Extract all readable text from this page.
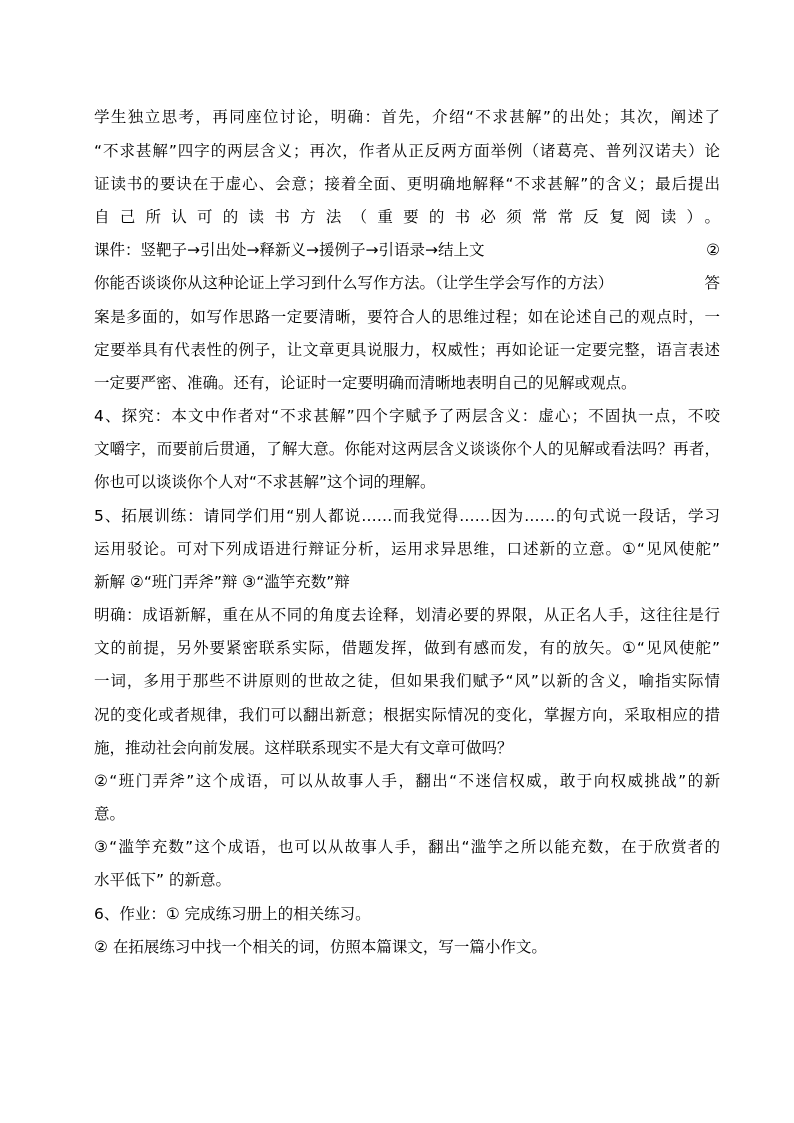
学生独立思考，再同座位讨论，明确：首先，介绍“不求甚解”的出处；其次，阐述了
“不求甚解”四字的两层含义；再次，作者从正反两方面举例（诸葛亮、普列汉诺夫）论
证读书的要诀在于虚心、会意；接着全面、更明确地解释“不求甚解”的含义；最后提出
自己所认可的读书方法（重要的书必须常常反复阅读）。
课件：竖靶子→引出处→释新义→援例子→引语录→结上文	②
你能否谈谈你从这种论证上学习到什么写作方法。（让学生学会写作的方法）	答
案是多面的，如写作思路一定要清晰，要符合人的思维过程；如在论述自己的观点时，一
定要举具有代表性的例子，让文章更具说服力，权威性；再如论证一定要完整，语言表述
一定要严密、准确。还有，论证时一定要明确而清晰地表明自己的见解或观点。
4、探究：本文中作者对“不求甚解”四个字赋予了两层含义：虚心；不固执一点，不咬
文嚼字，而要前后贯通，了解大意。你能对这两层含义谈谈你个人的见解或看法吗？再者，
你也可以谈谈你个人对“不求甚解”这个词的理解。
5、拓展训练：请同学们用“别人都说……而我觉得……因为……的句式说一段话，学习
运用驳论。可对下列成语进行辩证分析，运用求异思维，口述新的立意。①“见风使舵”
新解 ②“班门弄斧”辩 ③“滥竽充数”辩
明确：成语新解，重在从不同的角度去诠释，划清必要的界限，从正名人手，这往往是行
文的前提，另外要紧密联系实际，借题发挥，做到有感而发，有的放矢。①“见风使舵”
一词，多用于那些不讲原则的世故之徒，但如果我们赋予“风”以新的含义，喻指实际情
况的变化或者规律，我们可以翻出新意；根据实际情况的变化，掌握方向，采取相应的措
施，推动社会向前发展。这样联系现实不是大有文章可做吗？
②“班门弄斧”这个成语，可以从故事人手，翻出“不迷信权威，敢于向权威挑战”的新
意。
③“滥竽充数”这个成语，也可以从故事人手，翻出“滥竽之所以能充数，在于欣赏者的
水平低下” 的新意。
6、作业：① 完成练习册上的相关练习。
② 在拓展练习中找一个相关的词，仿照本篇课文，写一篇小作文。
